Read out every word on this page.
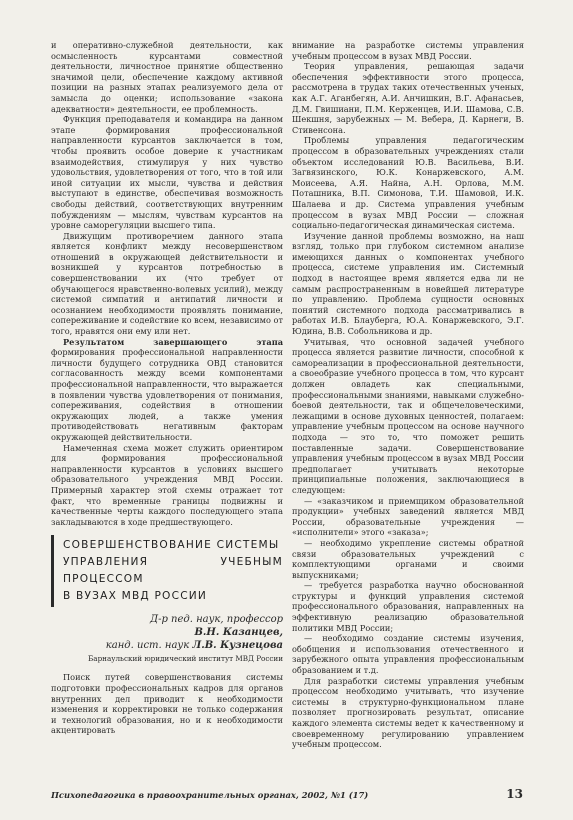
и оперативно-служебной деятельности, как осмысленность курсантами совместной деятельности, личностное принятие общественно значимой цели, обеспечение каждому активной позиции на разных этапах реализуемого дела от замысла до оценки; использование «закона адекватности» деятельности, ее проблемность.

Функция преподавателя и командира на данном этапе формирования профессиональной направленности курсантов заключается в том, чтобы проявить особое доверие к участникам взаимодействия, стимулируя у них чувство удовольствия, удовлетворения от того, что в той или иной ситуации их мысли, чувства и действия выступают в единстве, обеспечивая возможность свободы действий, соответствующих внутренним побуждениям — мыслям, чувствам курсантов на уровне саморегуляции высшего типа.

Движущим противоречием данного этапа является конфликт между несовершенством отношений в окружающей действительности и возникшей у курсантов потребностью в совершенствовании их (что требует от обучающегося нравственно-волевых усилий), между системой симпатий и антипатий личности и осознанием необходимости проявлять понимание, сопереживание и содействие ко всем, независимо от того, нравятся они ему или нет.

Результатом завершающего этапа формирования профессиональной направленности личности будущего сотрудника ОВД становится согласованность между всеми компонентами профессиональной направленности, что выражается в появлении чувства удовлетворения от понимания, сопереживания, содействия в отношении окружающих людей, а также умения противодействовать негативным факторам окружающей действительности.

Намеченная схема может служить ориентиром для формирования профессиональной направленности курсантов в условиях высшего образовательного учреждения МВД России. Примерный характер этой схемы отражает тот факт, что временные границы подвижны и качественные черты каждого последующего этапа закладываются в ходе предшествующего.

СОВЕРШЕНСТВОВАНИЕ СИСТЕМЫ
УПРАВЛЕНИЯ УЧЕБНЫМ ПРОЦЕССОМ
В ВУЗАХ МВД РОССИИ
Д-р пед. наук, профессор
В.Н. Казанцев,
канд. ист. наук Л.В. Кузнецова
Барнаульский юридический институт МВД России

Поиск путей совершенствования системы подготовки профессиональных кадров для органов внутренних дел приводит к необходимости изменения и корректировки не только содержания и технологий образования, но и к необходимости акцентировать

внимание на разработке системы управления учебным процессом в вузах МВД России.

Теория управления, решающая задачи обеспечения эффективности этого процесса, рассмотрена в трудах таких отечественных ученых, как А.Г. Аганбегян, А.И. Анчишкин, В.Г. Афанасьев, Д.М. Гвишиани, П.М. Керженцев, И.И. Шамова, С.В. Шекшня, зарубежных — М. Вебера, Д. Карнеги, В. Стивенсона.

Проблемы управления педагогическим процессом в образовательных учреждениях стали объектом исследований Ю.В. Васильева, В.И. Загвязинского, Ю.К. Конаржевского, А.М. Моисеева, А.Я. Найна, А.Н. Орлова, М.М. Поташника, В.П. Симонова, Т.И. Шамовой, И.К. Шалаева и др. Система управления учебным процессом в вузах МВД России — сложная социально-педагогическая динамическая система.

Изучение данной проблемы возможно, на наш взгляд, только при глубоком системном анализе имеющихся данных о компонентах учебного процесса, системе управления им. Системный подход в настоящее время является едва ли не самым распространенным в новейшей литературе по управлению. Проблема сущности основных понятий системного подхода рассматривались в работах И.В. Блауберга, Ю.А. Конаржевского, Э.Г. Юдина, В.В. Собольникова и др.

Учитывая, что основной задачей учебного процесса является развитие личности, способной к самореализации в профессиональной деятельности, а своеобразие учебного процесса в том, что курсант должен овладеть как специальными, профессиональными знаниями, навыками служебно-боевой деятельности, так и общечеловеческими, лежащими в основе духовных ценностей, полагаем: управление учебным процессом на основе научного подхода — это то, что поможет решить поставленные задачи. Совершенствование управления учебным процессом в вузах МВД России предполагает учитывать некоторые принципиальные положения, заключающиеся в следующем:

— «заказчиком и приемщиком образовательной продукции» учебных заведений является МВД России, образовательные учреждения — «исполнители» этого «заказа»;

— необходимо укрепление системы обратной связи образовательных учреждений с комплектующими органами и своими выпускниками;

— требуется разработка научно обоснованной структуры и функций управления системой профессионального образования, направленных на эффективную реализацию образовательной политики МВД России;

— необходимо создание системы изучения, обобщения и использования отечественного и зарубежного опыта управления профессиональным образованием и т.д.

Для разработки системы управления учебным процессом необходимо учитывать, что изучение системы в структурно-функциональном плане позволяет прогнозировать результат, описание каждого элемента системы ведет к качественному и своевременному регулированию управлением учебным процессом.

Психопедагогика в правоохранительных органах, 2002, №1 (17)	13
